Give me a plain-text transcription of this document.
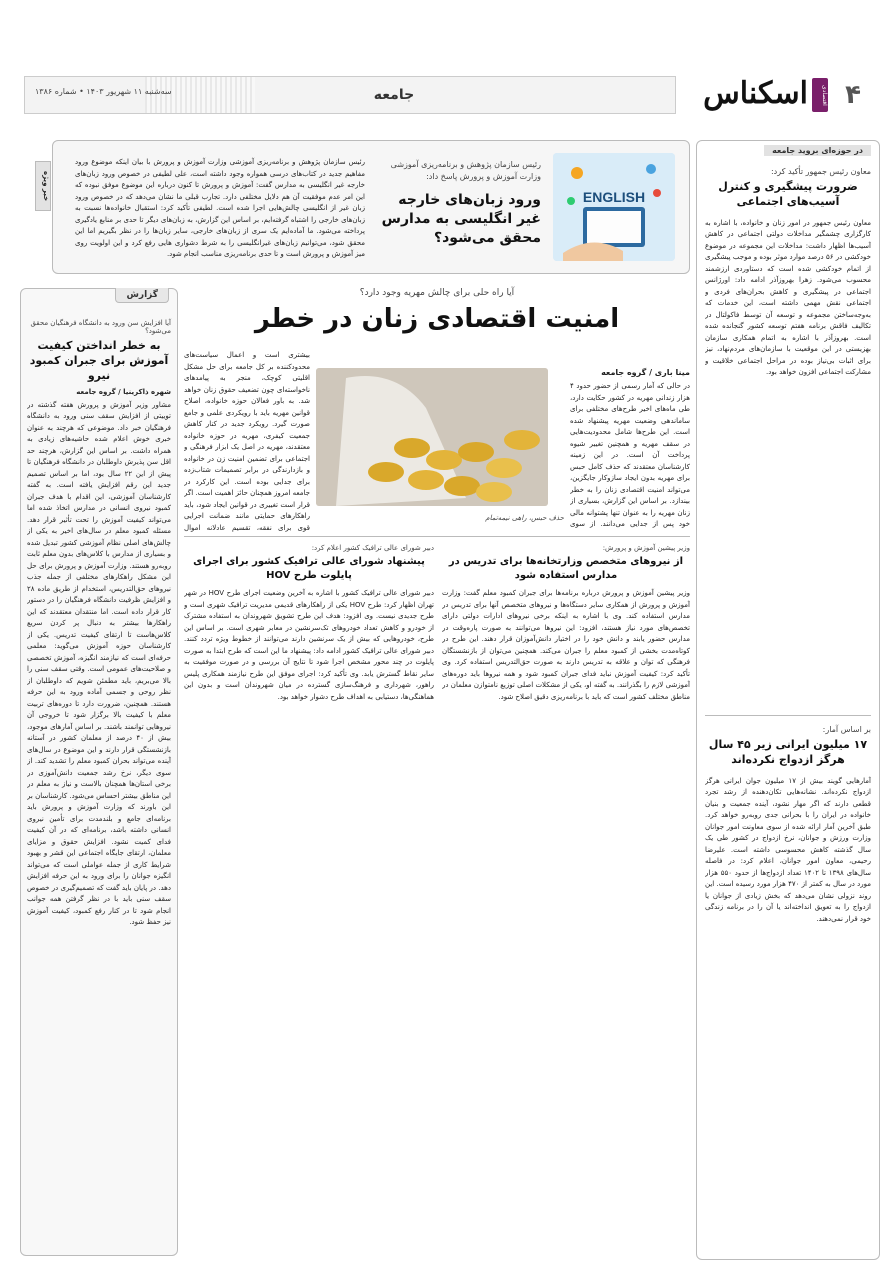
۴
اقتصادی
اسکناس
جامعه
سه‌شنبه ۱۱ شهریور ۱۴۰۳ • شماره ۱۳۸۶
در حوزه‌ای بروید جامعه
معاون رئیس جمهور تأکید کرد:
ضرورت پیشگیری و کنترل آسیب‌های اجتماعی
معاون رئیس جمهور در امور زنان و خانواده، با اشاره به کارگزاری چشمگیر مداخلات دولتی اجتماعی در کاهش آسیب‌ها اظهار داشت: مداخلات این مجموعه در موضوع خودکشی در ۵۶ درصد موارد موثر بوده و موجب پیشگیری از اتمام خودکشی شده است که دستاوردی ارزشمند محسوب می‌شود. زهرا بهروزآذر ادامه داد: اورژانس اجتماعی در پیشگیری و کاهش بحران‌های فردی و اجتماعی نقش مهمی داشته است، این خدمات که به‌وجه‌ساختن مجموعه و توسعه آن توسط فاکولتال در تکالیف فاقش برنامه هفتم توسعه کشور گنجانده شده است. بهروزآذر با اشاره به اتمام همکاری سازمان بهزیستی در این موقعیت با سازمان‌های مردم‌نهاد، نیز برای اثبات بی‌نیاز بوده در مراحل اجتماعی خلاقیت و مشارکت اجتماعی افزون خواهد بود.
بر اساس آمار:
۱۷ میلیون ایرانی زیر ۴۵ سال هرگز ازدواج نکرده‌اند
آمارهایی گویند بیش از ۱۷ میلیون جوان ایرانی هرگز ازدواج نکرده‌اند. نشانه‌هایی تکان‌دهنده از رشد تجرد قطعی دارند که اگر مهار نشود، آینده جمعیت و بنیان خانواده در ایران را با بحرانی جدی روبه‌رو خواهد کرد. طبق آخرین آمار ارائه شده از سوی معاونت امور جوانان وزارت ورزش و جوانان، نرخ ازدواج در کشور طی یک سال گذشته کاهش محسوسی داشته است. علیرضا رحیمی، معاون امور جوانان، اعلام کرد: در فاصله سال‌های ۱۳۹۸ تا ۱۴۰۲ تعداد ازدواج‌ها از حدود ۵۵۰ هزار مورد در سال به کمتر از ۴۷۰ هزار مورد رسیده است. این روند نزولی نشان می‌دهد که بخش زیادی از جوانان یا ازدواج را به تعویق انداخته‌اند یا آن را در برنامه زندگی خود قرار نمی‌دهند.
خبر ویژه	ENGLISH
رئیس سازمان پژوهش و برنامه‌ریزی آموزشی وزارت آموزش و پرورش پاسخ داد:
ورود زبان‌های خارجه غیر انگلیسی به مدارس محقق می‌شود؟
رئیس سازمان پژوهش و برنامه‌ریزی آموزشی وزارت آموزش و پرورش با بیان اینکه موضوع ورود مفاهیم جدید در کتاب‌های درسی همواره وجود داشته است، علی لطیفی در خصوص ورود زبان‌های خارجه غیر انگلیسی به مدارس گفت: آموزش و پرورش تا کنون درباره این موضوع موفق نبوده که این امر عدم موفقیت آن هم دلایل مختلفی دارد. تجارب قبلی ما نشان می‌دهد که در خصوص ورود زبان غیر از انگلیسی چالش‌هایی اجرا شده است. لطیفی تأکید کرد: استقبال خانواده‌ها نسبت به زبان‌های خارجی را اشتباه گرفته‌ایم، بر اساس این گزارش، به زبان‌های دیگر تا حدی بر منابع یادگیری پرداخته می‌شود. ما آماده‌ایم یک سری از زبان‌های خارجی، سایر زبان‌ها را در نظر بگیریم اما این محقق شود، می‌توانیم زبان‌های غیرانگلیسی را به شرط دشواری هایی رفع کرد و این اولویت روی میز آموزش و پرورش است و تا حدی برنامه‌ریزی مناسب انجام شود.
گزارش
آیا افزایش سن ورود به دانشگاه فرهنگیان محقق می‌شود؟
به خطر انداختن کیفیت آموزش برای جبران کمبود نیرو
شهره ذاکرینیا / گروه جامعه
مشاور وزیر آموزش و پرورش هفته گذشته در توییتی از افزایش سقف سنی ورود به دانشگاه فرهنگیان خبر داد. موضوعی که هرچند به عنوان خبری خوش اعلام شده حاشیه‌های زیادی به همراه داشت. بر اساس این گزارش، هرچند حد اقل سن پذیرش داوطلبان در دانشگاه فرهنگیان تا پیش از این ۲۲ سال بود، اما بر اساس تصمیم جدید این رقم افزایش یافته است. به گفته کارشناسان آموزشی، این اقدام با هدف جبران کمبود نیروی انسانی در مدارس اتخاذ شده اما می‌تواند کیفیت آموزش را تحت تأثیر قرار دهد. مسئله کمبود معلم در سال‌های اخیر به یکی از چالش‌های اصلی نظام آموزشی کشور تبدیل شده و بسیاری از مدارس با کلاس‌های بدون معلم ثابت روبه‌رو هستند. وزارت آموزش و پرورش برای حل این مشکل راهکارهای مختلفی از جمله جذب نیروهای حق‌التدریس، استخدام از طریق ماده ۲۸ و افزایش ظرفیت دانشگاه فرهنگیان را در دستور کار قرار داده است. اما منتقدان معتقدند که این راهکارها بیشتر به دنبال پر کردن سریع کلاس‌هاست تا ارتقای کیفیت تدریس. یکی از کارشناسان حوزه آموزش می‌گوید: معلمی حرفه‌ای است که نیازمند انگیزه، آموزش تخصصی و صلاحیت‌های عمومی است. وقتی سقف سنی را بالا می‌بریم، باید مطمئن شویم که داوطلبان از نظر روحی و جسمی آماده ورود به این حرفه هستند. همچنین، ضرورت دارد تا دوره‌های تربیت معلم با کیفیت بالا برگزار شود تا خروجی آن نیروهایی توانمند باشند. بر اساس آمارهای موجود، بیش از ۴۰ درصد از معلمان کشور در آستانه بازنشستگی قرار دارند و این موضوع در سال‌های آینده می‌تواند بحران کمبود معلم را تشدید کند. از سوی دیگر، نرخ رشد جمعیت دانش‌آموزی در برخی استان‌ها همچنان بالاست و نیاز به معلم در این مناطق بیشتر احساس می‌شود. کارشناسان بر این باورند که وزارت آموزش و پرورش باید برنامه‌ای جامع و بلندمدت برای تأمین نیروی انسانی داشته باشد، برنامه‌ای که در آن کیفیت فدای کمیت نشود. افزایش حقوق و مزایای معلمان، ارتقای جایگاه اجتماعی این قشر و بهبود شرایط کاری از جمله عواملی است که می‌تواند انگیزه جوانان را برای ورود به این حرفه افزایش دهد. در پایان باید گفت که تصمیم‌گیری در خصوص سقف سنی باید با در نظر گرفتن همه جوانب انجام شود تا در کنار رفع کمبود، کیفیت آموزش نیز حفظ شود.
آیا راه حلی برای چالش مهریه وجود دارد؟
امنیت اقتصادی زنان در خطر
مینا باری / گروه جامعه
در حالی که آمار رسمی از حضور حدود ۴ هزار زندانی مهریه در کشور حکایت دارد، طی ماه‌های اخیر طرح‌های مختلفی برای ساماندهی وضعیت مهریه پیشنهاد شده است. این طرح‌ها شامل محدودیت‌هایی در سقف مهریه و همچنین تغییر شیوه پرداخت آن است. در این زمینه کارشناسان معتقدند که حذف کامل حبس برای مهریه بدون ایجاد سازوکار جایگزین، می‌تواند امنیت اقتصادی زنان را به خطر بیندازد. بر اساس این گزارش، بسیاری از زنان مهریه را به عنوان تنها پشتوانه مالی خود پس از جدایی می‌دانند. از سوی
بیشتری است و اعمال سیاست‌های محدودکننده بر کل جامعه برای حل مشکل اقلیتی کوچک، منجر به پیامدهای ناخواسته‌ای چون تضعیف حقوق زنان خواهد شد. به باور فعالان حوزه خانواده، اصلاح قوانین مهریه باید با رویکردی علمی و جامع صورت گیرد. رویکرد جدید در کنار کاهش جمعیت کیفری، مهریه در حوزه خانواده معتقدند، مهریه در اصل یک ابزار فرهنگی و اجتماعی برای تضمین امنیت زن در خانواده و بازدارندگی در برابر تصمیمات شتاب‌زده برای جدایی بوده است. این کارکرد در جامعه امروز همچنان حائز اهمیت است. اگر قرار است تغییری در قوانین ایجاد شود، باید راهکارهای حمایتی مانند ضمانت اجرایی قوی برای نفقه، تقسیم عادلانه اموال
حذف حبس، راهی نیمه‌تمام
وزیر پیشین آموزش و پرورش:
از نیروهای متخصص وزارتخانه‌ها برای تدریس در مدارس استفاده شود
وزیر پیشین آموزش و پرورش درباره برنامه‌ها برای جبران کمبود معلم گفت: وزارت آموزش و پرورش از همکاری سایر دستگاه‌ها و نیروهای متخصص آنها برای تدریس در مدارس استفاده کند. وی با اشاره به اینکه برخی نیروهای ادارات دولتی دارای تخصص‌های مورد نیاز هستند، افزود: این نیروها می‌توانند به صورت پاره‌وقت در مدارس حضور یابند و دانش خود را در اختیار دانش‌آموزان قرار دهند. این طرح در کوتاه‌مدت بخشی از کمبود معلم را جبران می‌کند. همچنین می‌توان از بازنشستگان فرهنگی که توان و علاقه به تدریس دارند به صورت حق‌التدریس استفاده کرد. وی تأکید کرد: کیفیت آموزش نباید فدای جبران کمبود شود و همه نیروها باید دوره‌های آموزشی لازم را بگذرانند. به گفته او، یکی از مشکلات اصلی توزیع نامتوازن معلمان در مناطق مختلف کشور است که باید با برنامه‌ریزی دقیق اصلاح شود.
دبیر شورای عالی ترافیک کشور اعلام کرد:
پیشنهاد شورای عالی ترافیک کشور برای اجرای پایلوت طرح HOV
دبیر شورای عالی ترافیک کشور با اشاره به آخرین وضعیت اجرای طرح HOV در شهر تهران اظهار کرد: طرح HOV یکی از راهکارهای قدیمی مدیریت ترافیک شهری است و طرح جدیدی نیست. وی افزود: هدف این طرح تشویق شهروندان به استفاده مشترک از خودرو و کاهش تعداد خودروهای تک‌سرنشین در معابر شهری است. بر اساس این طرح، خودروهایی که بیش از یک سرنشین دارند می‌توانند از خطوط ویژه تردد کنند. دبیر شورای عالی ترافیک کشور ادامه داد: پیشنهاد ما این است که طرح ابتدا به صورت پایلوت در چند محور مشخص اجرا شود تا نتایج آن بررسی و در صورت موفقیت به سایر نقاط گسترش یابد. وی تأکید کرد: اجرای موفق این طرح نیازمند همکاری پلیس راهور، شهرداری و فرهنگ‌سازی گسترده در میان شهروندان است و بدون این هماهنگی‌ها، دستیابی به اهداف طرح دشوار خواهد بود.
